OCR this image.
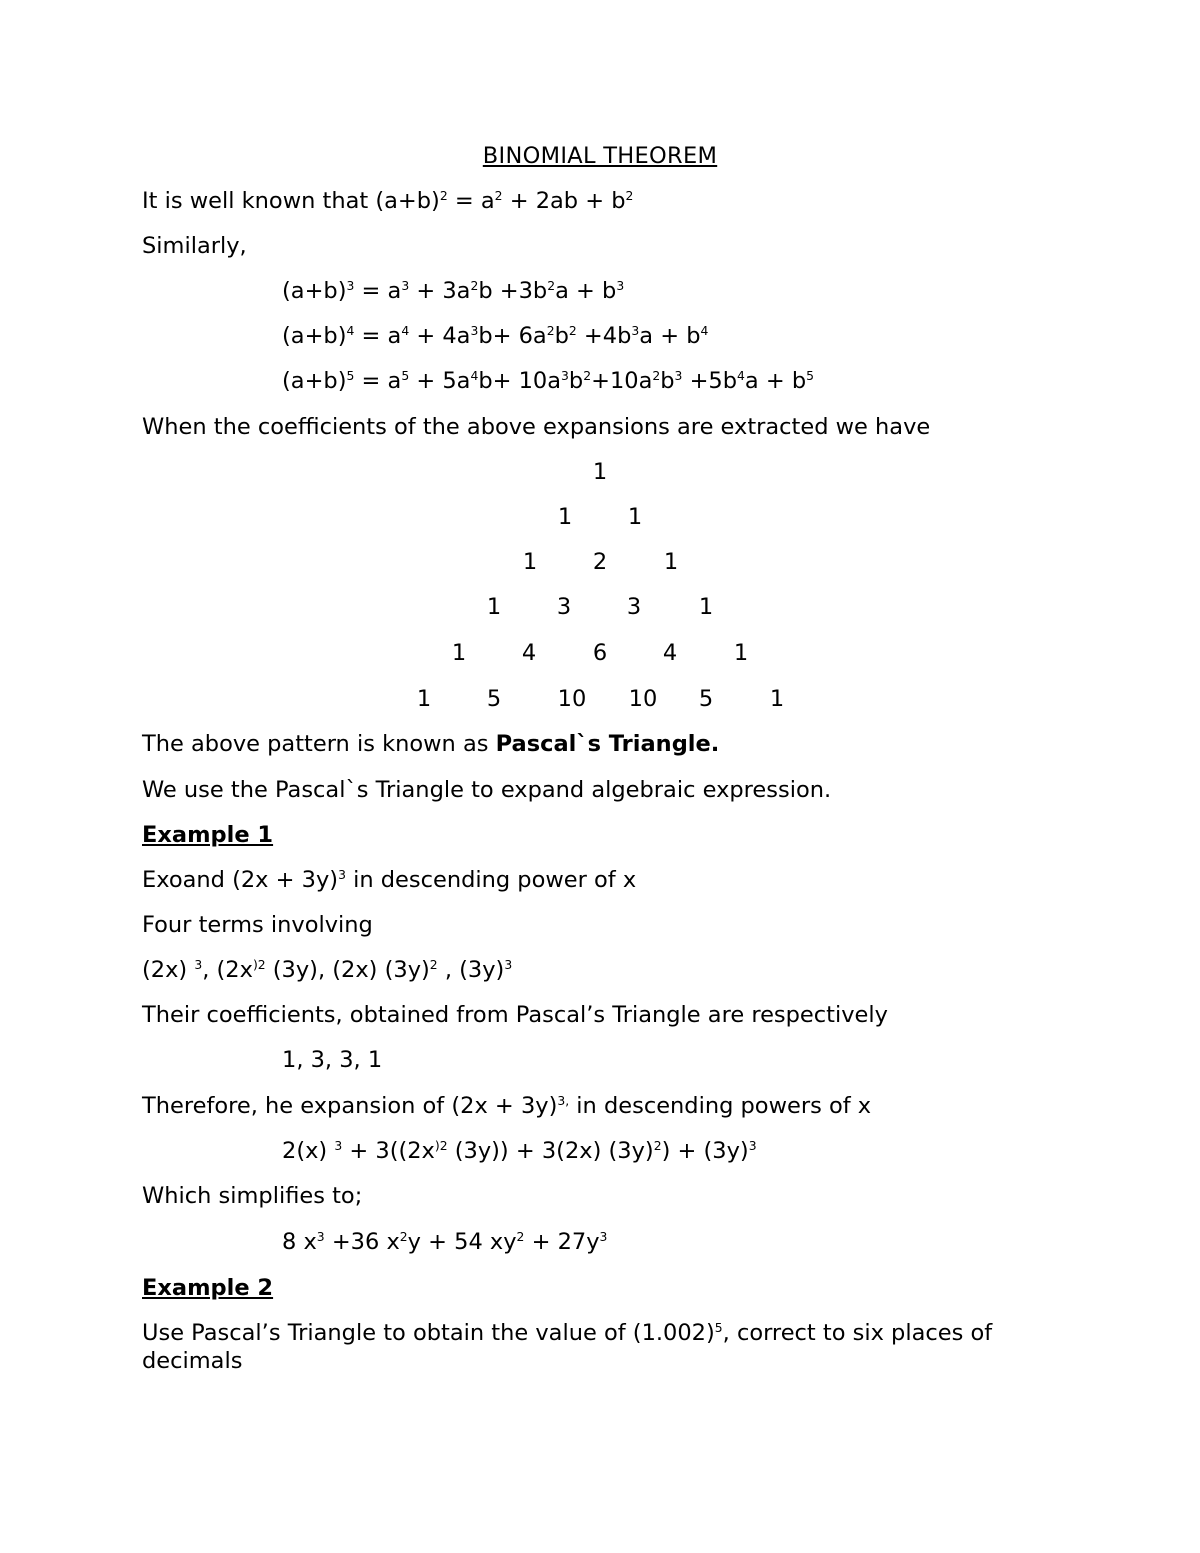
BINOMIAL THEOREM
It is well known that $(a+b)^2 = a^2 + 2ab + b^2$
Similarly,
$(a+b)^3 = a^3 + 3a^2b +3b^2a + b^3$
$(a+b)^4 = a^4 + 4a^3b+ 6a^2b^2 +4b^3a + b^4$
$(a+b)^5 = a^5 + 5a^4b+ 10a^3b^2+10a^2b^3 +5b^4a + b^5$
When the coefficients of the above expansions are extracted we have
1
1	1
1	2	1
1	3	3	1
1	4	6	4	1
1	5	10	10	5	1
The above pattern is known as Pascal`s Triangle.
We use the Pascal`s Triangle to expand algebraic expression.
Example 1
Exoand $(2x + 3y)^3$ in descending power of x
Four terms involving
(2x) $^3$, ($2x^{)2}$ (3y), (2x) $(3y)^2$ , $(3y)^3$
Their coefficients, obtained from Pascal’s Triangle are respectively
1, 3, 3, 1
Therefore, he expansion of $(2x + 3y)^{3,}$ in descending powers of x
2(x) $^3 + 3((2x^{)2}$ (3y)) + 3(2x) $(3y)^2) + (3y)^3$
Which simplifies to;
8 $x^3 +36$ $x^2y + 54$ $xy^2 + 27y^3$
Example 2
Use Pascal’s Triangle to obtain the value of $(1.002)^5$, correct to six places of decimals
